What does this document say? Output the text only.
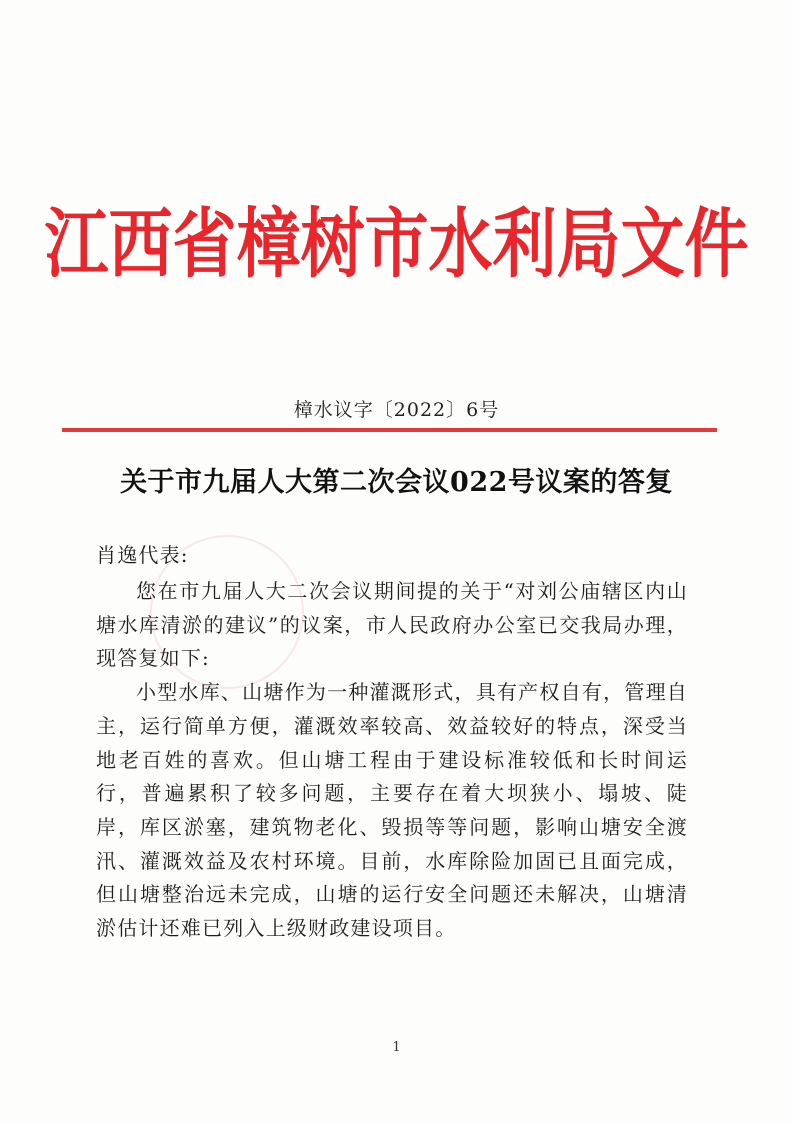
江西省樟树市水利局文件
樟水议字〔2022〕6号
关于市九届人大第二次会议022号议案的答复

肖逸代表:

您在市九届人大二次会议期间提的关于“对刘公庙辖区内山塘水库清淤的建议”的议案，市人民政府办公室已交我局办理，现答复如下:

小型水库、山塘作为一种灌溉形式，具有产权自有，管理自主，运行简单方便，灌溉效率较高、效益较好的特点，深受当地老百姓的喜欢。但山塘工程由于建设标准较低和长时间运行，普遍累积了较多问题，主要存在着大坝狭小、塌坡、陡岸，库区淤塞，建筑物老化、毁损等等问题，影响山塘安全渡汛、灌溉效益及农村环境。目前，水库除险加固已且面完成，但山塘整治远未完成，山塘的运行安全问题还未解决，山塘清淤估计还难已列入上级财政建设项目。

1
